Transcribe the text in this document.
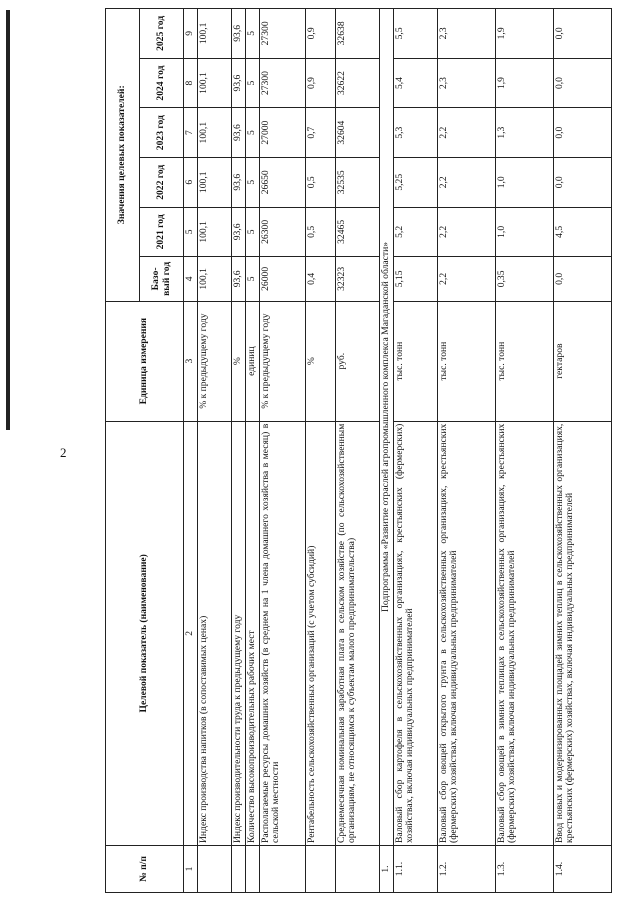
2
№ п/п	Целевой показатель (наименование)	Единица измерения	Значения целевых показателей:					
			Базо-вый год	2021 год	2022 год	2023 год	2024 год	2025 год
1	2	3	4	5	6	7	8	9
	Индекс производства напитков (в сопоставимых ценах)	% к предыдущему году	100,1	100,1	100,1	100,1	100,1	100,1
	Индекс производительности труда к предыдущему году	%	93,6	93,6	93,6	93,6	93,6	93,6
	Количество высокопроизводительных рабочих мест	единиц	5	5	5	5	5	5
	Располагаемые ресурсы домашних хозяйств (в среднем на 1 члена домашнего хозяйства в месяц) в сельской местности	% к предыдущему году	26000	26300	26650	27000	27300	27300
	Рентабельность сельскохозяйственных организаций (с учетом субсидий)	%	0,4	0,5	0,5	0,7	0,9	0,9
	Среднемесячная номинальная заработная плата в сельском хозяйстве (по сельскохозяйственным организациям, не относящимся к субъектам малого предпринимательства)	руб.	32323	32465	32535	32604	32622	32638
1.	Подпрограмма «Развитие отраслей агропромышленного комплекса Магаданской области»							
1.1.	Валовый сбор картофеля в сельскохозяйственных организациях, крестьянских (фермерских) хозяйствах, включая индивидуальных предпринимателей	тыс. тонн	5,15	5,2	5,25	5,3	5,4	5,5
1.2.	Валовый сбор овощей открытого грунта в сельскохозяйственных организациях, крестьянских (фермерских) хозяйствах, включая индивидуальных предпринимателей	тыс. тонн	2,2	2,2	2,2	2,2	2,3	2,3
1.3.	Валовый сбор овощей в зимних теплицах в сельскохозяйственных организациях, крестьянских (фермерских) хозяйствах, включая индивидуальных предпринимателей	тыс. тонн	0,35	1,0	1,0	1,3	1,9	1,9
1.4.	Ввод новых и модернизированных площадей зимних теплиц в сельскохозяйственных организациях, крестьянских (фермерских) хозяйствах, включая индивидуальных предпринимателей	гектаров	0,0	4,5	0,0	0,0	0,0	0,0
